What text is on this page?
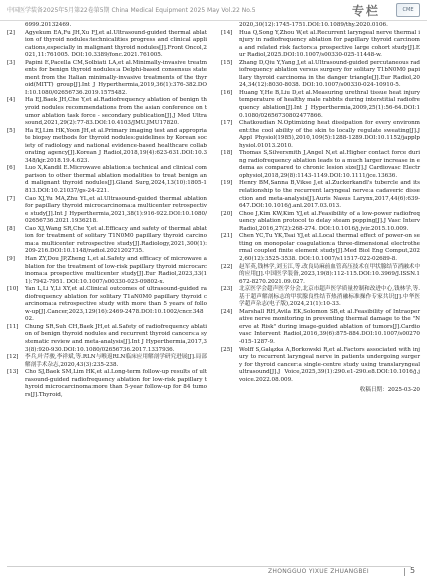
中国医学装备2025年5月第22卷第5期 China Medical Equipment 2025 May Vol.22 No.5	专栏	CME
6999.20132469.
[2]	Agyekum EA,Fu JH,Xu FJ,et al.Ultrasound-guided thermal ablation of thyroid nodules:technicalities progress and clinical applications,especially in malignant thyroid nodules[J].Front Oncol,2021,11:761005. DOI:10.3389/fonc.2021.761005.
[3]	Papini E,Pacella CM,Solbiati LA,et al.Minimally-invasive treatments for benign thyroid nodules:a Delphi-based consensus statement from the Italian minimally-invasive treatments of the thyroid(MITT) group[J].Int J Hyperthermia,2019,36(1):376-382.DOI:10.1080/02656736.2019.1575482.
[4]	Ha EJ,Baek JH,Che Y,et al.Radiofrequency ablation of benign thyroid nodules recommendations from the asian conference on tumor ablation task force - secondary publication[J].J Med Ultrasound,2021,29(2):77-83.DOI:10.4103/JMU.JMU17820.
[5]	Ha EJ,Lim HK,Yoon JH,et al.Primary imaging test and appropriate biopsy methods for thyroid nodules:guidelines by Korean society of radiology and national evidence-based healthcare collaborating agency[J].Korean J Radiol,2018,19(4):623-631.DOI:10.3348/kjr.2018.19.4.623.
[6]	Luo X,Kandil E.Microwave ablation:a technical and clinical comparison to other thermal ablation modalities to treat benign and malignant thyroid nodules[J].Gland Surg,2024,13(10):1805-1813.DOI:10.21037/gs-24-221.
[7]	Cao XJ,Yu MA,Zhu YL,et al.Ultrasound-guided thermal ablation for papillary thyroid microcarcinoma:a multicenter retrospective study[J].Int J Hyperthermia,2021,38(1):916-922.DOI:10.1080/02656736.2021.1936218.
[8]	Cao XJ,Wang SR,Che Y,et al.Efficacy and safety of thermal ablation for treatment of solitary T1N0M0 papillary thyroid carcinoma:a multicenter retrospective study[J].Radiology,2021,300(1):209-216.DOI:10.1148/radiol.2021202735.
[9]	Han ZY,Dou JP,Zheng L,et al.Safety and efficacy of microwave ablation for the treatment of low-risk papillary thyroid microcarcinoma:a prospective multicenter study[J].Eur Radiol,2023,33(11):7942-7951. DOI:10.1007/s00330-023-09802-x.
[10]	Yan L,Li Y,Li XY,et al.Clinical outcomes of ultrasound-guided radiofrequency ablation for solitary T1aN0M0 papillary thyroid carcinoma:a retrospective study with more than 5 years of follow-up[J].Cancer,2023,129(16):2469-2478.DOI:10.1002/cncr.34802.
[11]	Chung SR,Suh CH,Baek JH,et al.Safety of radiofrequency ablation of benign thyroid nodules and recurrent thyroid cancers:a systematic review and meta-analysis[J].Int J Hyperthermia,2017,33(8):920-930.DOI:10.1080/02656736.2017.1337936.
[12]	李兵,叶芹骏,李祥斌,等.RLN与喉返RLN临床应用解剖学研究进展[J].局部解剖手术杂志,2020,43(3):235-238.
[13]	Cho SJ,Baek SM,Lim HK,et al.Long-term follow-up results of ultrasound-guided radiofrequency ablation for low-risk papillary thyroid microcarcinoma:more than 5-year follow-up for 84 tumors[J].Thyroid,
2020,30(12):1745-1751.DOI:10.1089/thy.2020.0106.
[14]	Hua Q,Song Y,Zhou W,et al.Recurrent laryngeal nerve thermal injury in radiofrequency ablation for papillary thyroid carcinoma and related risk factors:a prospective large cohort study[J].Eur Radiol,2025.DOI:10.1007/s00330-025-11448-w.
[15]	Zhang D,Qiu Y,Yang J,et al.Ultrasound-guided percutaneous radiofrequency ablation versus surgery for solitary T1bN0M0 papillary thyroid carcinoma in the danger triangle[J].Eur Radiol,2024,34(12):8030-8038. DOI:10.1007/s00330-024-10910-5.
[16]	Huang Y,He B,Liu D,et al.Measuring urethral tissue heat injury temperature of healthy male rabbits during interstitial radiofrequency ablation[J].Int J Hyperthermia,2009,25(1):56-64.DOI:10.1080/02656730802477866.
[17]	Chatkoudian N.Optimizing heat dissipation for every environment:the cool ability of the skin to locally regulate sweating[J].J Appl Physiol(1985),2010,109(5):1288-1289.DOI:10.1152/japplphysiol.01013.2010.
[18]	Thomas S,Silversmith J,Angel N,et al.Higher contact force during radiofrequency ablation leads to a much larger increase in edema as compared to chronic lesion size[J].J Cardiovasc Electrophysiol,2018,29(8):1143-1149.DOI:10.1111/jce.13636.
[19]	Henry BM,Sanna B,Vikse J,et al.Zuckerkandl's tubercle and its relationship to the recurrent laryngeal nerve:a cadaveric dissection and meta-analysis[J].Auris Nasus Larynx,2017,44(6):639-647.DOI:10.1016/j.anl.2017.03.013.
[20]	Choe J,Kim KW,Kim YJ,et al.Feasibility of a low-power radiofrequency ablation protocol to delay steam popping[J].J Vasc Interv Radiol,2016,27(2):268-274. DOI:10.1016/j.jvir.2015.10.009.
[21]	Chen YC,Tu YK,Tsai YJ,et al.Local thermal effect of power-on setting on monopolar coagulation:a three-dimensional electrothermal coupled finite element study[J].Med Biol Eng Comput,2022,60(12):3525-3538. DOI:10.1007/s11517-022-02689-8.
[22]	赵军英,钱林学,刘玉江,等.改良局麻前血管高压技术在甲状腺结节消融术中的应用[J].中国医学装备,2023,19(8):112-115.DOI:10.3969/J.ISSN.1672-8270.2021.09.027.
[23]	北京医学会超声医学分会,北京市超声医学质量控制和改进中心,钱林学,等.基于超声解剖标志的甲状腺良性结节热消融标准操作专家共识[J].中华医学超声杂志(电子版),2024,21(1):10-33.
[24]	Marshall RH,Avila EK,Solomon SB,et al.Feasibility of Intraoperative nerve monitoring in preventing thermal damage to the "Nerve at Risk" during image-guided ablation of tumors[J].Cardiovasc Intervent Radiol,2016,39(6):875-884.DOI:10.1007/s00270-015-1287-9.
[25]	Wolff S,Gałązka A,Borkowski R,et al.Factors associated with injury to recurrent laryngeal nerve in patients undergoing surgery for thyroid cancer:a single-centre study using translaryngeal ultrasound[J].J Voice,2025,39(1):290.e1-290.e8.DOI:10.1016/j.jvoice.2022.08.009.
收稿日期：2025-03-20
ZHONGGUO YIXUE ZHUANGBEI	5
